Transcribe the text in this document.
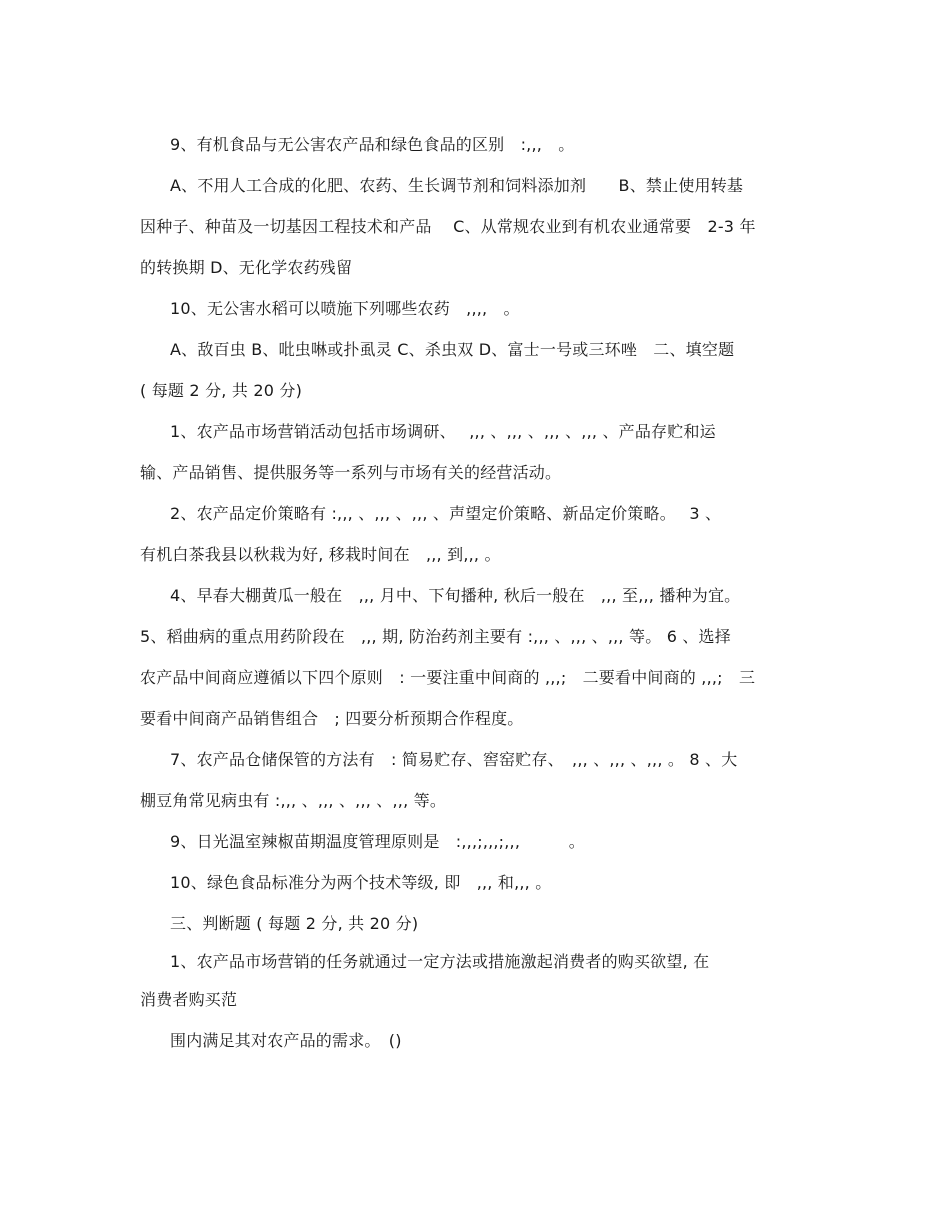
9、有机食品与无公害农产品和绿色食品的区别　:,,,　。
A、不用人工合成的化肥、农药、生长调节剂和饲料添加剂　　B、禁止使用转基
因种子、种苗及一切基因工程技术和产品　 C、从常规农业到有机农业通常要　2-3 年
的转换期 D、无化学农药残留
10、无公害水稻可以喷施下列哪些农药　,,,,　。
A、敌百虫 B、吡虫啉或扑虱灵 C、杀虫双 D、富士一号或三环唑　二、填空题
( 每题 2 分, 共 20 分)
1、农产品市场营销活动包括市场调研、　 ,,, 、,,, 、,,, 、,,, 、产品存贮和运
输、产品销售、提供服务等一系列与市场有关的经营活动。
2、农产品定价策略有 :,,, 、,,, 、,,, 、声望定价策略、新品定价策略。　 3 、
有机白茶我县以秋栽为好, 移栽时间在　,,, 到,,, 。
4、早春大棚黄瓜一般在　,,, 月中、下旬播种, 秋后一般在　,,, 至,,, 播种为宜。
5、稻曲病的重点用药阶段在　,,, 期, 防治药剂主要有 :,,, 、,,, 、,,, 等。 6 、选择
农产品中间商应遵循以下四个原则　: 一要注重中间商的 ,,,;　二要看中间商的 ,,,;　三
要看中间商产品销售组合　; 四要分析预期合作程度。
7、农产品仓储保管的方法有　: 简易贮存、窖窑贮存、　,,, 、,,, 、,,, 。 8 、大
棚豆角常见病虫有 :,,, 、,,, 、,,, 、,,, 等。
9、日光温室辣椒苗期温度管理原则是　:,,,;,,,;,,,　　　。
10、绿色食品标准分为两个技术等级, 即　,,, 和,,, 。
三、判断题 ( 每题 2 分, 共 20 分)
1、农产品市场营销的任务就通过一定方法或措施激起消费者的购买欲望, 在
消费者购买范
围内满足其对农产品的需求。　()
